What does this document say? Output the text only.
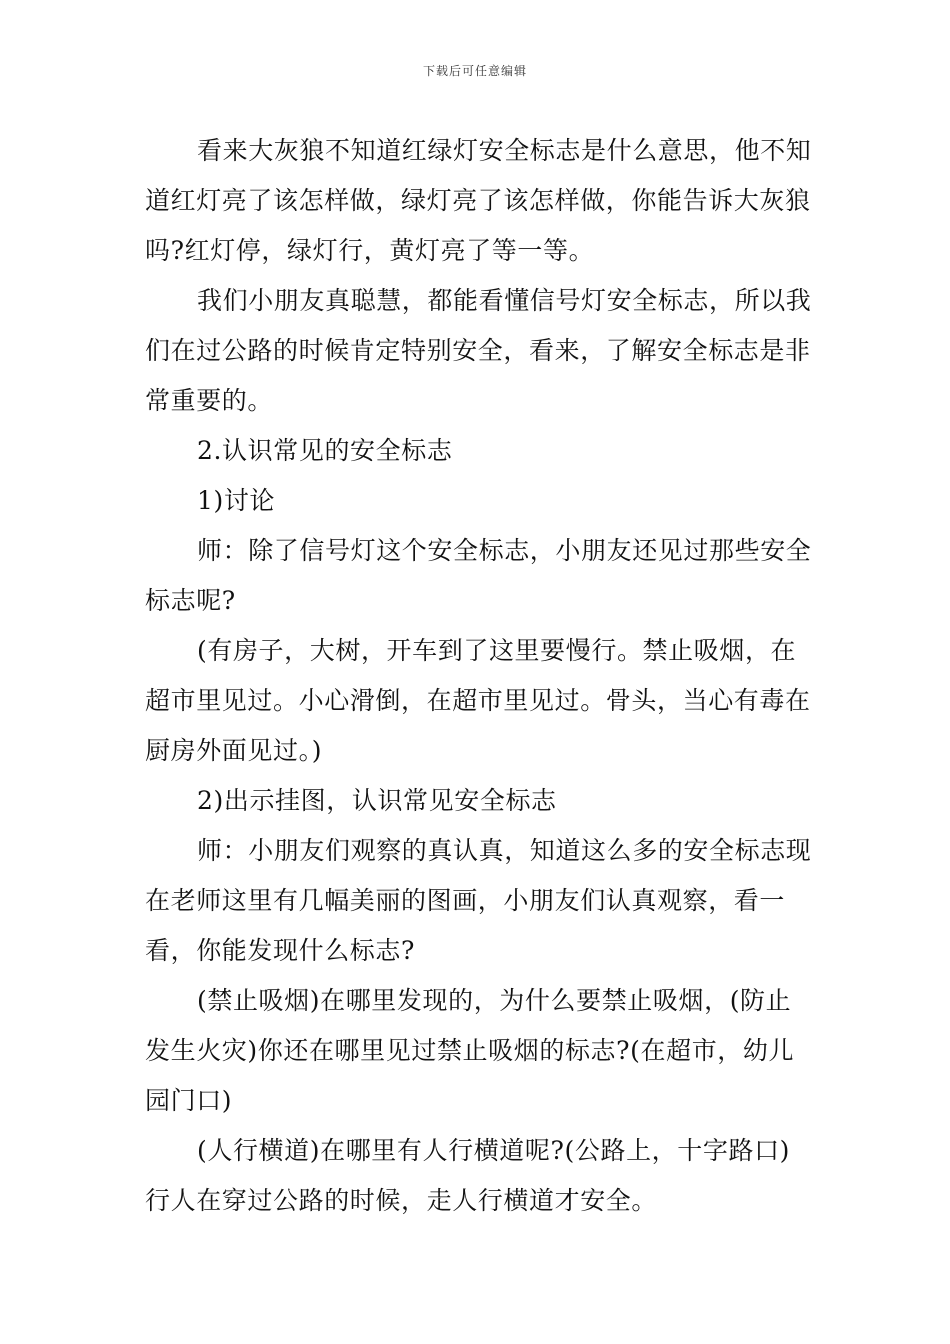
下载后可任意编辑

看来大灰狼不知道红绿灯安全标志是什么意思，他不知道红灯亮了该怎样做，绿灯亮了该怎样做，你能告诉大灰狼吗?红灯停，绿灯行，黄灯亮了等一等。

我们小朋友真聪慧，都能看懂信号灯安全标志，所以我们在过公路的时候肯定特别安全，看来，了解安全标志是非常重要的。

2.认识常见的安全标志

1)讨论

师：除了信号灯这个安全标志，小朋友还见过那些安全标志呢?

(有房子，大树，开车到了这里要慢行。禁止吸烟，在超市里见过。小心滑倒，在超市里见过。骨头，当心有毒在厨房外面见过。)

2)出示挂图，认识常见安全标志

师：小朋友们观察的真认真，知道这么多的安全标志现在老师这里有几幅美丽的图画，小朋友们认真观察，看一看，你能发现什么标志?

(禁止吸烟)在哪里发现的，为什么要禁止吸烟，(防止发生火灾)你还在哪里见过禁止吸烟的标志?(在超市，幼儿园门口)

(人行横道)在哪里有人行横道呢?(公路上，十字路口)行人在穿过公路的时候，走人行横道才安全。
